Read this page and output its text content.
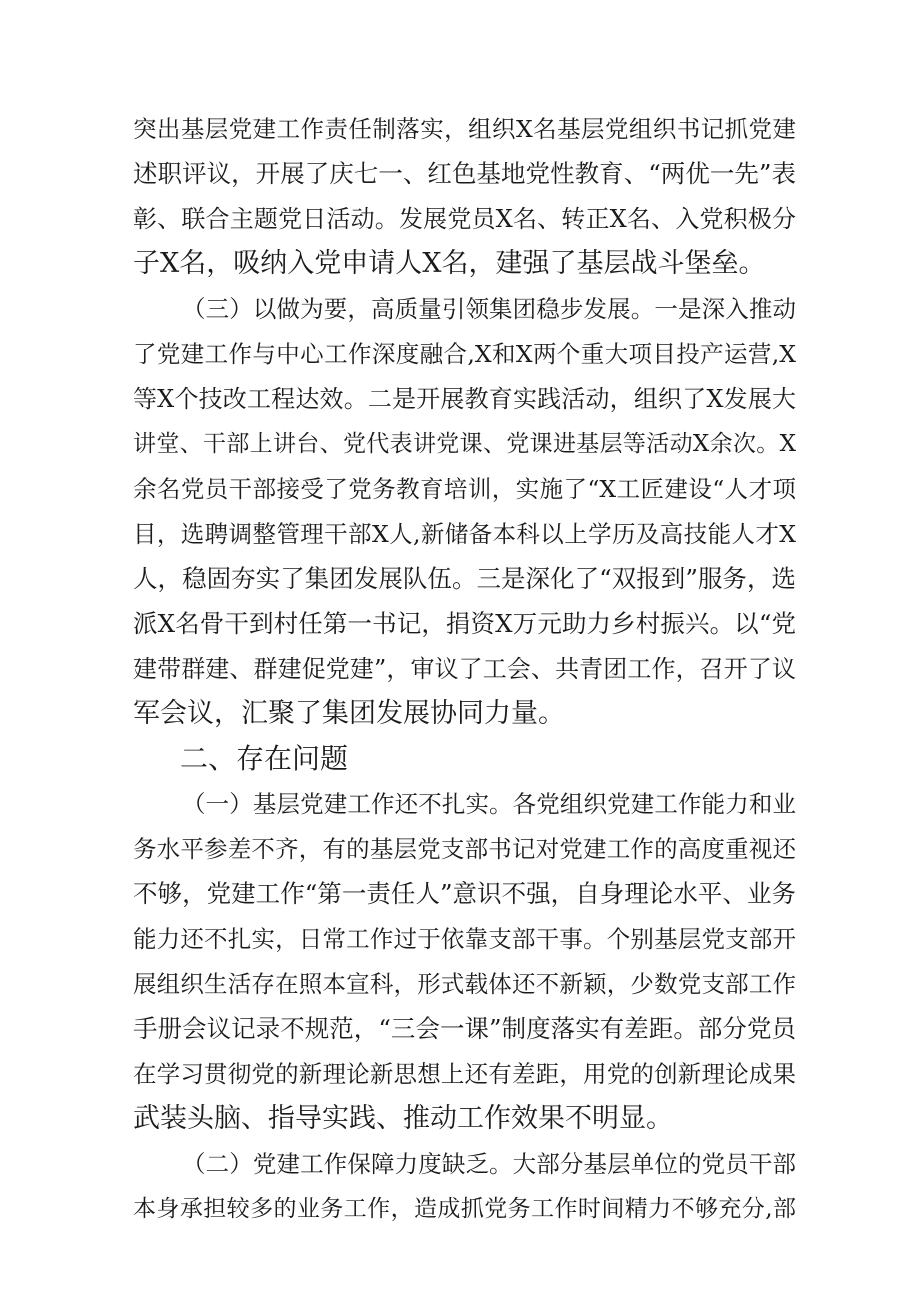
突出基层党建工作责任制落实，组织X名基层党组织书记抓党建
述职评议，开展了庆七一、红色基地党性教育、“两优一先”表
彰、联合主题党日活动。发展党员X名、转正X名、入党积极分
子X名，吸纳入党申请人X名，建强了基层战斗堡垒。
（三）以做为要，高质量引领集团稳步发展。一是深入推动
了党建工作与中心工作深度融合,X和X两个重大项目投产运营,X
等X个技改工程达效。二是开展教育实践活动，组织了X发展大
讲堂、干部上讲台、党代表讲党课、党课进基层等活动X余次。X
余名党员干部接受了党务教育培训，实施了“X工匠建设“人才项
目，选聘调整管理干部X人,新储备本科以上学历及高技能人才X
人，稳固夯实了集团发展队伍。三是深化了“双报到”服务，选
派X名骨干到村任第一书记，捐资X万元助力乡村振兴。以“党
建带群建、群建促党建”，审议了工会、共青团工作，召开了议
军会议，汇聚了集团发展协同力量。
二、存在问题
（一）基层党建工作还不扎实。各党组织党建工作能力和业
务水平参差不齐，有的基层党支部书记对党建工作的高度重视还
不够，党建工作“第一责任人”意识不强，自身理论水平、业务
能力还不扎实，日常工作过于依靠支部干事。个别基层党支部开
展组织生活存在照本宣科，形式载体还不新颖，少数党支部工作
手册会议记录不规范，“三会一课”制度落实有差距。部分党员
在学习贯彻党的新理论新思想上还有差距，用党的创新理论成果
武装头脑、指导实践、推动工作效果不明显。
（二）党建工作保障力度缺乏。大部分基层单位的党员干部
本身承担较多的业务工作，造成抓党务工作时间精力不够充分,部
